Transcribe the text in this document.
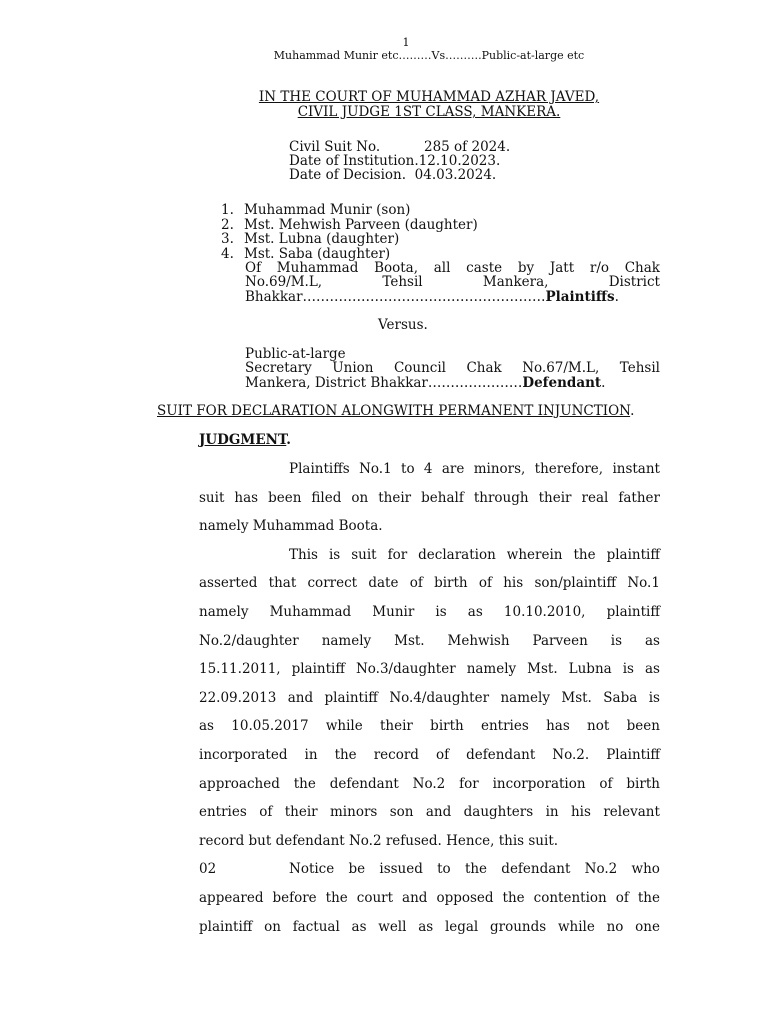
1
Muhammad Munir etc………Vs……….Public-at-large etc
IN THE COURT OF MUHAMMAD AZHAR JAVED,
CIVIL JUDGE 1ST CLASS, MANKERA.
Civil Suit No.	285 of 2024.
Date of Institution.12.10.2023.
Date of Decision. 04.03.2024.
1. Muhammad Munir (son)
2. Mst. Mehwish Parveen (daughter)
3. Mst. Lubna (daughter)
4. Mst. Saba (daughter)
Of Muhammad Boota, all caste by Jatt r/o Chak
No.69/M.L,	Tehsil	Mankera,	District
Bhakkar……………………………………………… Plaintiffs .
Versus.
Public-at-large
Secretary Union Council Chak No.67/M.L, Tehsil
Mankera, District Bhakkar………………… Defendant .
SUIT FOR DECLARATION ALONGWITH PERMANENT INJUNCTION.
JUDGMENT.
Plaintiffs No.1 to 4 are minors, therefore, instant
suit has been filed on their behalf through their real father
namely Muhammad Boota.
This is suit for declaration wherein the plaintiff
asserted that correct date of birth of his son/plaintiff No.1
namely Muhammad Munir is as 10.10.2010, plaintiff
No.2/daughter namely Mst. Mehwish Parveen is as
15.11.2011, plaintiff No.3/daughter namely Mst. Lubna is as
22.09.2013 and plaintiff No.4/daughter namely Mst. Saba is
as 10.05.2017 while their birth entries has not been
incorporated in the record of defendant No.2. Plaintiff
approached the defendant No.2 for incorporation of birth
entries of their minors son and daughters in his relevant
record but defendant No.2 refused. Hence, this suit.
02	Notice be issued to the defendant No.2 who
appeared before the court and opposed the contention of the
plaintiff on factual as well as legal grounds while no one
